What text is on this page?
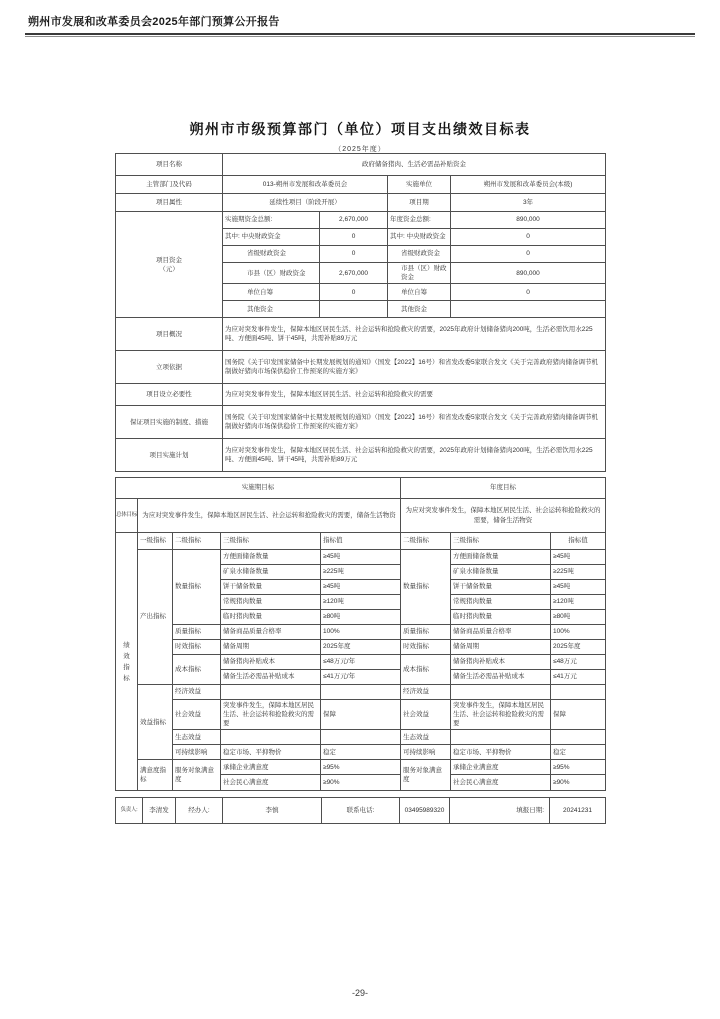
朔州市发展和改革委员会2025年部门预算公开报告
朔州市市级预算部门（单位）项目支出绩效目标表
（2025年度）
项目名称	政府储备猪肉、生活必需品补贴资金			
主管部门及代码	013-朔州市发展和改革委员会		实施单位	朔州市发展和改革委员会(本级)
项目属性	延续性项目（阶段开展）		项目期	3年
项目资金
（元）	实施期资金总额:	2,670,000	年度资金总额:	890,000
	其中: 中央财政资金	0	其中: 中央财政资金	0
	省级财政资金	0	省级财政资金	0
	市县（区）财政资金	2,670,000	市县（区）财政资金	890,000
	单位自筹	0	单位自筹	0
	其他资金		其他资金	
项目概况	为应对突发事件发生，保障本地区居民生活、社会运转和抢险救灾的需要，2025年政府计划储备猪肉200吨，生活必需饮用水225吨、方便面45吨、饼干45吨，共需补贴89万元			
立项依据	国务院《关于印发国家储备中长期发展规划的通知》（国发【2022】16号）和省发改委5家联合发文《关于完善政府猪肉储备调节机制做好猪肉市场保供稳价工作预案的实施方案》			
项目设立必要性	为应对突发事件发生，保障本地区居民生活、社会运转和抢险救灾的需要			
保证项目实施的制度、措施	国务院《关于印发国家储备中长期发展规划的通知》（国发【2022】16号）和省发改委5家联合发文《关于完善政府猪肉储备调节机制做好猪肉市场保供稳价工作预案的实施方案》			
项目实施计划	为应对突发事件发生，保障本地区居民生活、社会运转和抢险救灾的需要，2025年政府计划储备猪肉200吨，生活必需饮用水225吨、方便面45吨、饼干45吨，共需补贴89万元			
实施期目标					年度目标		
总体目标	为应对突发事件发生，保障本地区居民生活、社会运转和抢险救灾的需要，储备生活物资				为应对突发事件发生，保障本地区居民生活、社会运转和抢险救灾的需要，储备生活物资		

绩效指标	一级指标	二级指标	三级指标	指标值	二级指标	三级指标	指标值
	产出指标	数量指标	方便面储备数量	≥45吨	数量指标	方便面储备数量	≥45吨
			矿泉水储备数量	≥225吨		矿泉水储备数量	≥225吨
			饼干储备数量	≥45吨		饼干储备数量	≥45吨
			常规猪肉数量	≥120吨		常规猪肉数量	≥120吨
			临时猪肉数量	≥80吨		临时猪肉数量	≥80吨
		质量指标	储备商品质量合格率	100%	质量指标	储备商品质量合格率	100%
		时效指标	储备周期	2025年度	时效指标	储备周期	2025年度
		成本指标	储备猪肉补贴成本	≤48万元/年	成本指标	储备猪肉补贴成本	≤48万元
			储备生活必需品补贴成本	≤41万元/年		储备生活必需品补贴成本	≤41万元
	效益指标	经济效益			经济效益		
		社会效益	突发事件发生，保障本地区居民生活、社会运转和抢险救灾的需要	保障	社会效益	突发事件发生，保障本地区居民生活、社会运转和抢险救灾的需要	保障
		生态效益			生态效益		
		可持续影响	稳定市场、平抑物价	稳定	可持续影响	稳定市场、平抑物价	稳定
	满意度指标	服务对象满意度	承储企业满意度	≥95%	服务对象满意度	承储企业满意度	≥95%
			社会民心满意度	≥90%		社会民心满意度	≥90%
负责人:	李清发	经办人:	李慎	联系电话:	03495989320	填报日期:	20241231
-29-
